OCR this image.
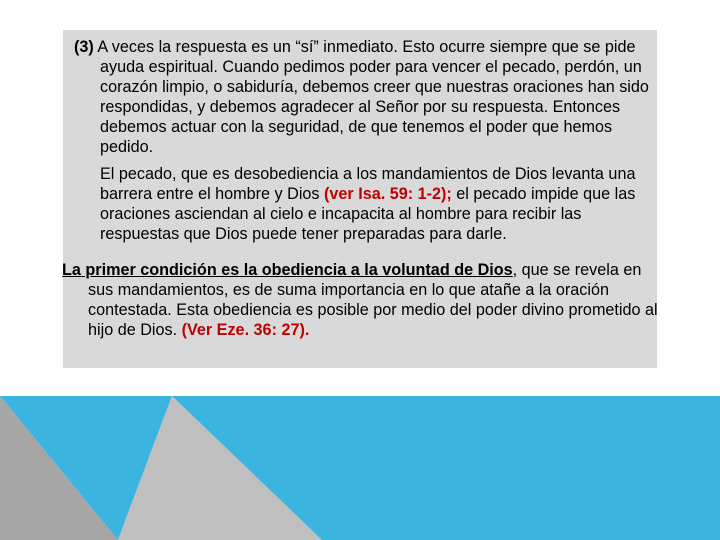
(3) A veces la respuesta es un “sí” inmediato. Esto ocurre siempre que se pide ayuda espiritual. Cuando pedimos poder para vencer el pecado, perdón, un corazón limpio, o sabiduría, debemos creer que nuestras oraciones han sido respondidas, y debemos agradecer al Señor por su respuesta. Entonces debemos actuar con la seguridad, de que tenemos el poder que hemos pedido.

El pecado, que es desobediencia a los mandamientos de Dios levanta una barrera entre el hombre y Dios (ver Isa. 59: 1-2); el pecado impide que las oraciones asciendan al cielo e incapacita al hombre para recibir las respuestas que Dios puede tener preparadas para darle.

La primer condición es la obediencia a la voluntad de Dios, que se revela en sus mandamientos, es de suma importancia en lo que atañe a la oración contestada. Esta obediencia es posible por medio del poder divino prometido al hijo de Dios. (Ver Eze. 36: 27).
